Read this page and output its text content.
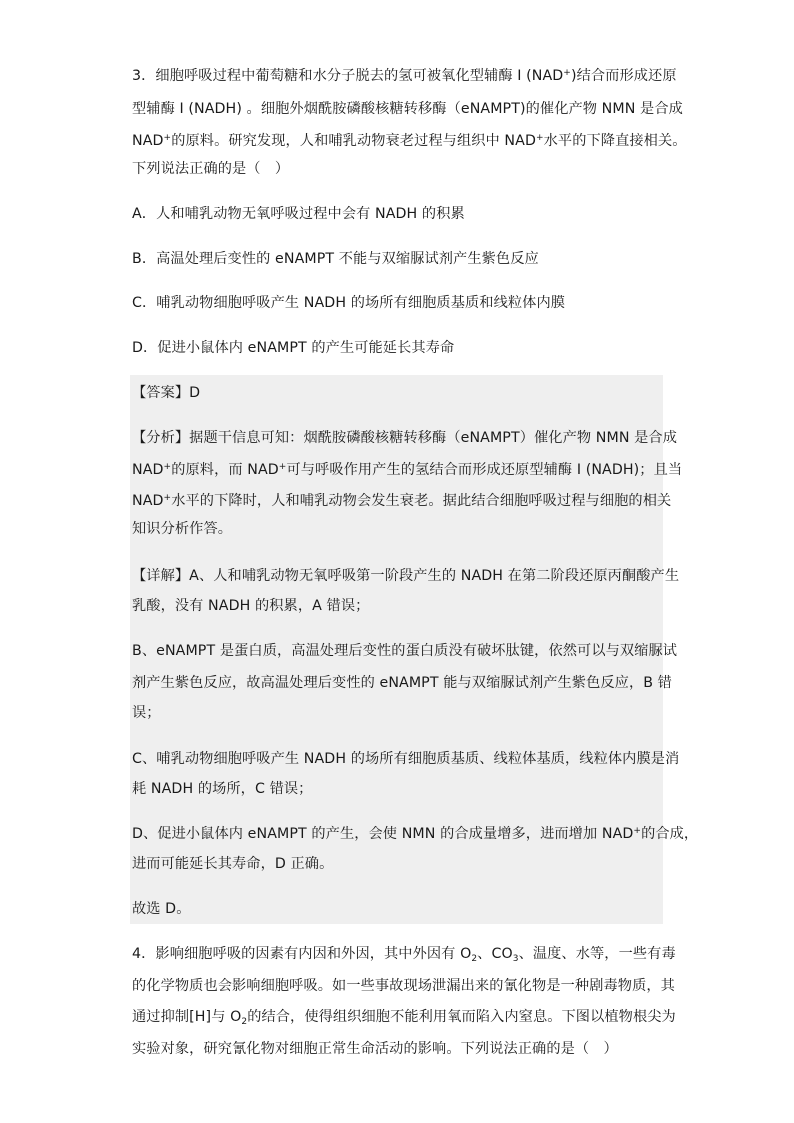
3．细胞呼吸过程中葡萄糖和水分子脱去的氢可被氧化型辅酶 I (NAD+)结合而形成还原
型辅酶 I (NADH) 。细胞外烟酰胺磷酸核糖转移酶（eNAMPT)的催化产物 NMN 是合成
NAD+的原料。研究发现，人和哺乳动物衰老过程与组织中 NAD+水平的下降直接相关。
下列说法正确的是（　）
A．人和哺乳动物无氧呼吸过程中会有 NADH 的积累
B．高温处理后变性的 eNAMPT 不能与双缩脲试剂产生紫色反应
C．哺乳动物细胞呼吸产生 NADH 的场所有细胞质基质和线粒体内膜
D．促进小鼠体内 eNAMPT 的产生可能延长其寿命
【答案】D
【分析】据题干信息可知：烟酰胺磷酸核糖转移酶（eNAMPT）催化产物 NMN 是合成
NAD+的原料，而 NAD+可与呼吸作用产生的氢结合而形成还原型辅酶 I (NADH)；且当
NAD+水平的下降时，人和哺乳动物会发生衰老。据此结合细胞呼吸过程与细胞的相关
知识分析作答。
【详解】A、人和哺乳动物无氧呼吸第一阶段产生的 NADH 在第二阶段还原丙酮酸产生
乳酸，没有 NADH 的积累，A 错误；
B、eNAMPT 是蛋白质，高温处理后变性的蛋白质没有破坏肽键，依然可以与双缩脲试
剂产生紫色反应，故高温处理后变性的 eNAMPT 能与双缩脲试剂产生紫色反应，B 错
误；
C、哺乳动物细胞呼吸产生 NADH 的场所有细胞质基质、线粒体基质，线粒体内膜是消
耗 NADH 的场所，C 错误；
D、促进小鼠体内 eNAMPT 的产生，会使 NMN 的合成量增多，进而增加 NAD+的合成，
进而可能延长其寿命，D 正确。
故选 D。
4．影响细胞呼吸的因素有内因和外因，其中外因有 $O_2$、$CO_3$、温度、水等，一些有毒
的化学物质也会影响细胞呼吸。如一些事故现场泄漏出来的氰化物是一种剧毒物质，其
通过抑制[H]与 $O_2$的结合，使得组织细胞不能利用氧而陷入内窒息。下图以植物根尖为
实验对象，研究氰化物对细胞正常生命活动的影响。下列说法正确的是（　）
